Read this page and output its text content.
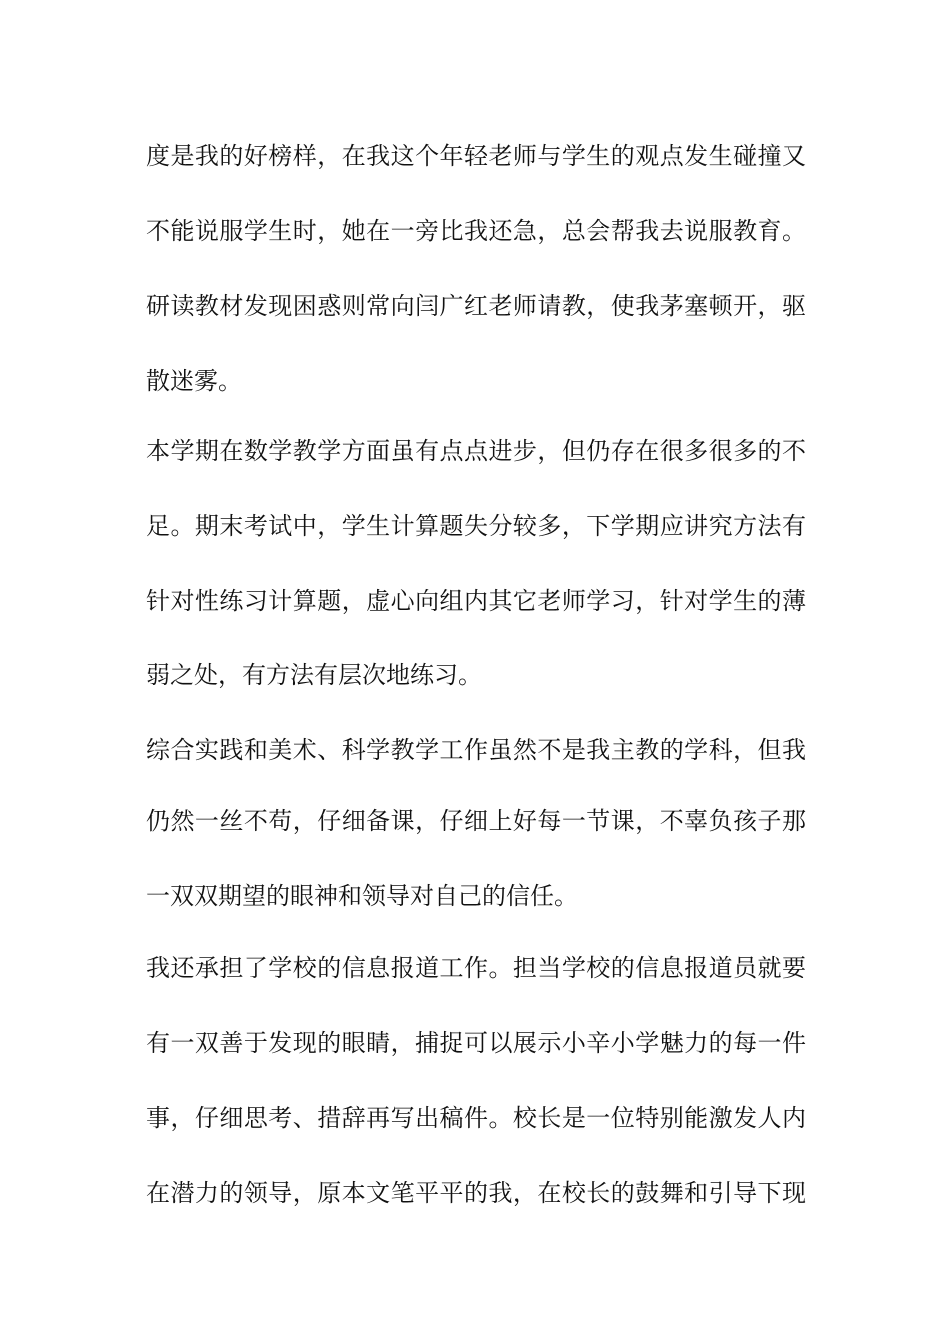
度是我的好榜样，在我这个年轻老师与学生的观点发生碰撞又
不能说服学生时，她在一旁比我还急，总会帮我去说服教育。
研读教材发现困惑则常向闫广红老师请教，使我茅塞顿开，驱
散迷雾。
本学期在数学教学方面虽有点点进步，但仍存在很多很多的不
足。期末考试中，学生计算题失分较多，下学期应讲究方法有
针对性练习计算题，虚心向组内其它老师学习，针对学生的薄
弱之处，有方法有层次地练习。
综合实践和美术、科学教学工作虽然不是我主教的学科，但我
仍然一丝不苟，仔细备课，仔细上好每一节课，不辜负孩子那
一双双期望的眼神和领导对自己的信任。
我还承担了学校的信息报道工作。担当学校的信息报道员就要
有一双善于发现的眼睛，捕捉可以展示小辛小学魅力的每一件
事，仔细思考、措辞再写出稿件。校长是一位特别能激发人内
在潜力的领导，原本文笔平平的我，在校长的鼓舞和引导下现
